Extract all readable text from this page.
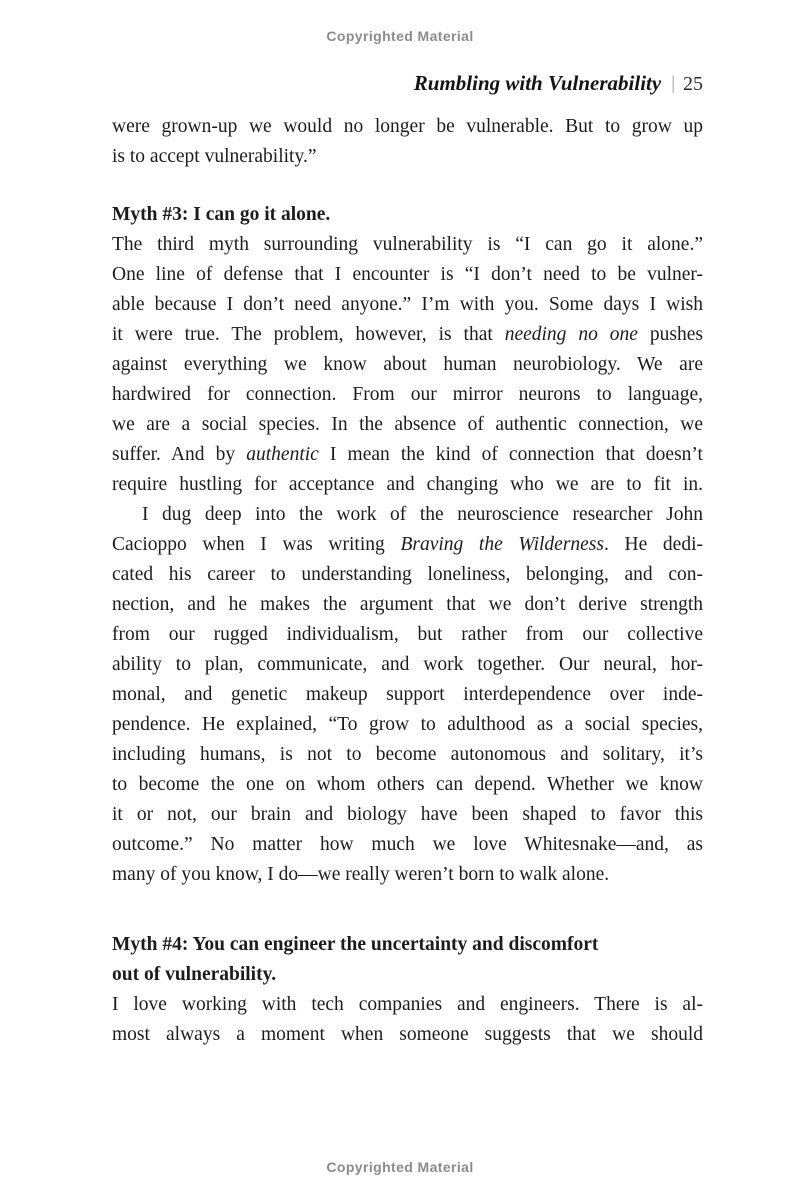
Copyrighted Material
Rumbling with Vulnerability | 25
were grown-up we would no longer be vulnerable. But to grow up
is to accept vulnerability.”
Myth #3: I can go it alone.
The third myth surrounding vulnerability is “I can go it alone.”
One line of defense that I encounter is “I don’t need to be vulner-
able because I don’t need anyone.” I’m with you. Some days I wish
it were true. The problem, however, is that needing no one pushes
against everything we know about human neurobiology. We are
hardwired for connection. From our mirror neurons to language,
we are a social species. In the absence of authentic connection, we
suffer. And by authentic I mean the kind of connection that doesn’t
require hustling for acceptance and changing who we are to fit in.
I dug deep into the work of the neuroscience researcher John
Cacioppo when I was writing Braving the Wilderness. He dedi-
cated his career to understanding loneliness, belonging, and con-
nection, and he makes the argument that we don’t derive strength
from our rugged individualism, but rather from our collective
ability to plan, communicate, and work together. Our neural, hor-
monal, and genetic makeup support interdependence over inde-
pendence. He explained, “To grow to adulthood as a social species,
including humans, is not to become autonomous and solitary, it’s
to become the one on whom others can depend. Whether we know
it or not, our brain and biology have been shaped to favor this
outcome.” No matter how much we love Whitesnake—and, as
many of you know, I do—we really weren’t born to walk alone.
Myth #4: You can engineer the uncertainty and discomfort
out of vulnerability.
I love working with tech companies and engineers. There is al-
most always a moment when someone suggests that we should
Copyrighted Material
